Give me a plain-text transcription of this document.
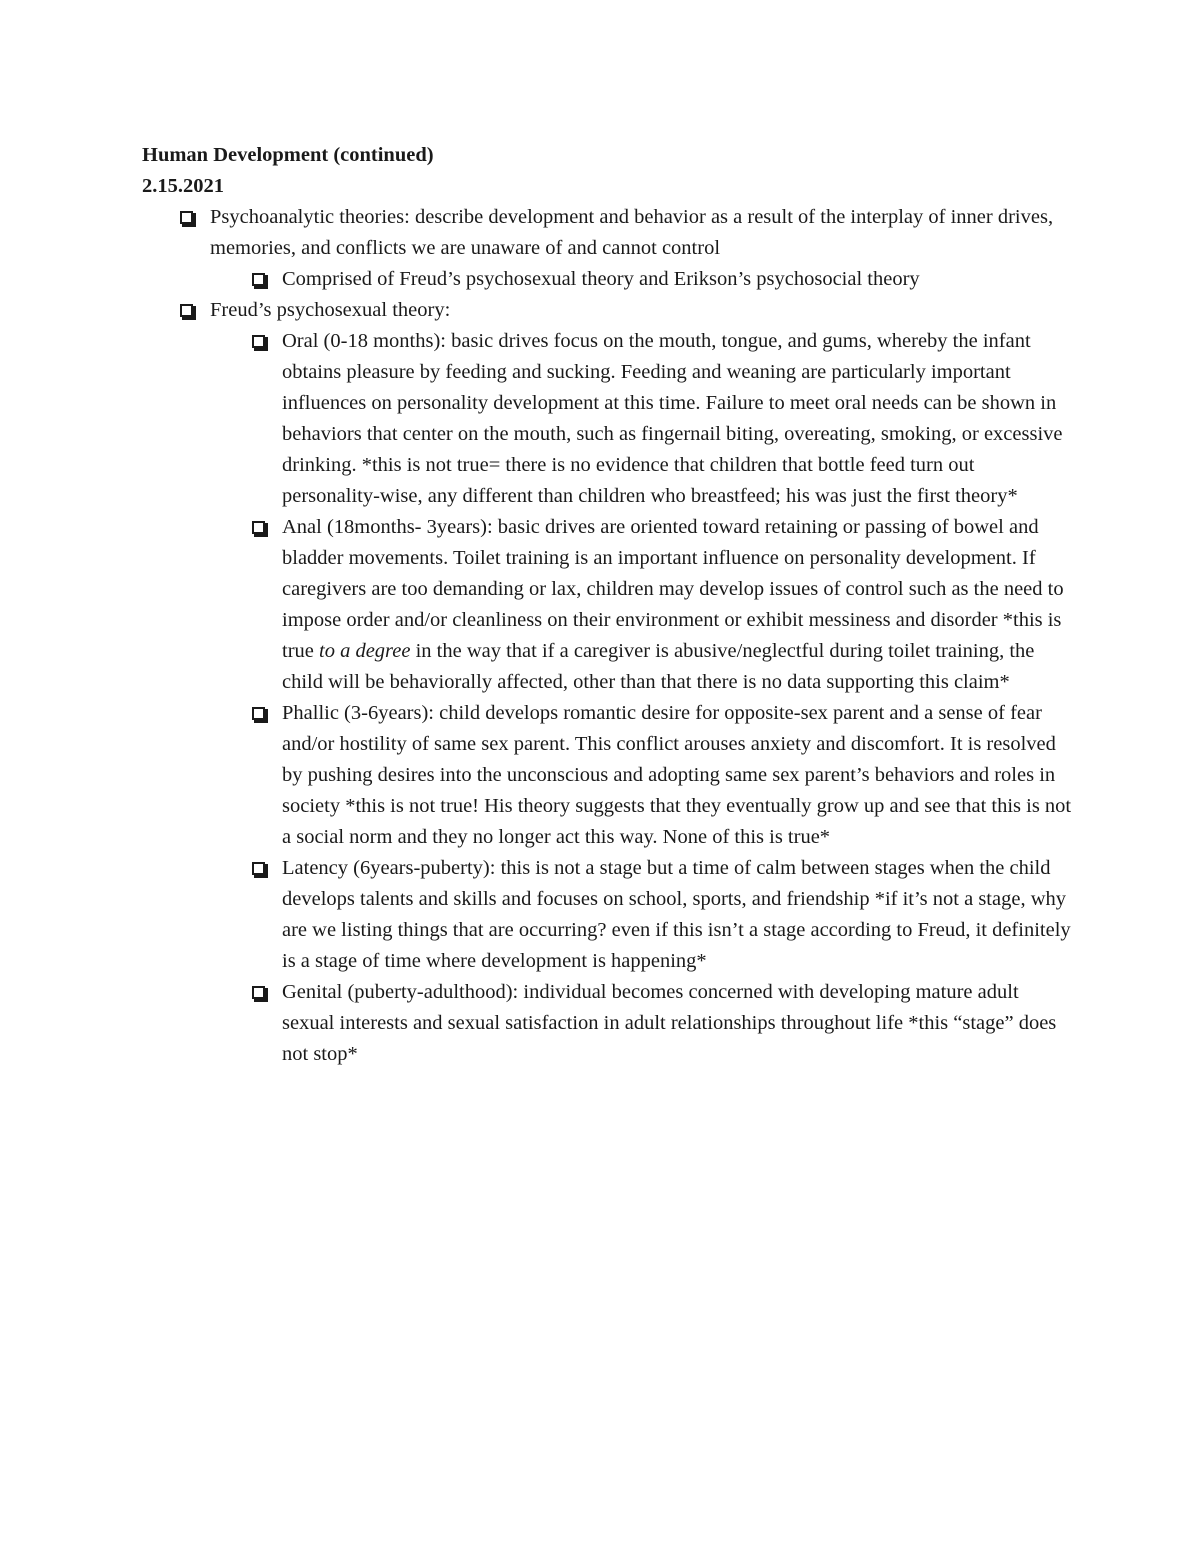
Human Development (continued)

2.15.2021

Psychoanalytic theories: describe development and behavior as a result of the interplay of inner drives, memories, and conflicts we are unaware of and cannot control
Comprised of Freud’s psychosexual theory and Erikson’s psychosocial theory
Freud’s psychosexual theory:
Oral (0-18 months): basic drives focus on the mouth, tongue, and gums, whereby the infant obtains pleasure by feeding and sucking. Feeding and weaning are particularly important influences on personality development at this time. Failure to meet oral needs can be shown in behaviors that center on the mouth, such as fingernail biting, overeating, smoking, or excessive drinking. *this is not true= there is no evidence that children that bottle feed turn out personality-wise, any different than children who breastfeed; his was just the first theory*
Anal (18months- 3years): basic drives are oriented toward retaining or passing of bowel and bladder movements. Toilet training is an important influence on personality development. If caregivers are too demanding or lax, children may develop issues of control such as the need to impose order and/or cleanliness on their environment or exhibit messiness and disorder *this is true to a degree in the way that if a caregiver is abusive/neglectful during toilet training, the child will be behaviorally affected, other than that there is no data supporting this claim*
Phallic (3-6years): child develops romantic desire for opposite-sex parent and a sense of fear and/or hostility of same sex parent. This conflict arouses anxiety and discomfort. It is resolved by pushing desires into the unconscious and adopting same sex parent’s behaviors and roles in society *this is not true! His theory suggests that they eventually grow up and see that this is not a social norm and they no longer act this way. None of this is true*
Latency (6years-puberty): this is not a stage but a time of calm between stages when the child develops talents and skills and focuses on school, sports, and friendship *if it’s not a stage, why are we listing things that are occurring? even if this isn’t a stage according to Freud, it definitely is a stage of time where development is happening*
Genital (puberty-adulthood): individual becomes concerned with developing mature adult sexual interests and sexual satisfaction in adult relationships throughout life *this “stage” does not stop*
